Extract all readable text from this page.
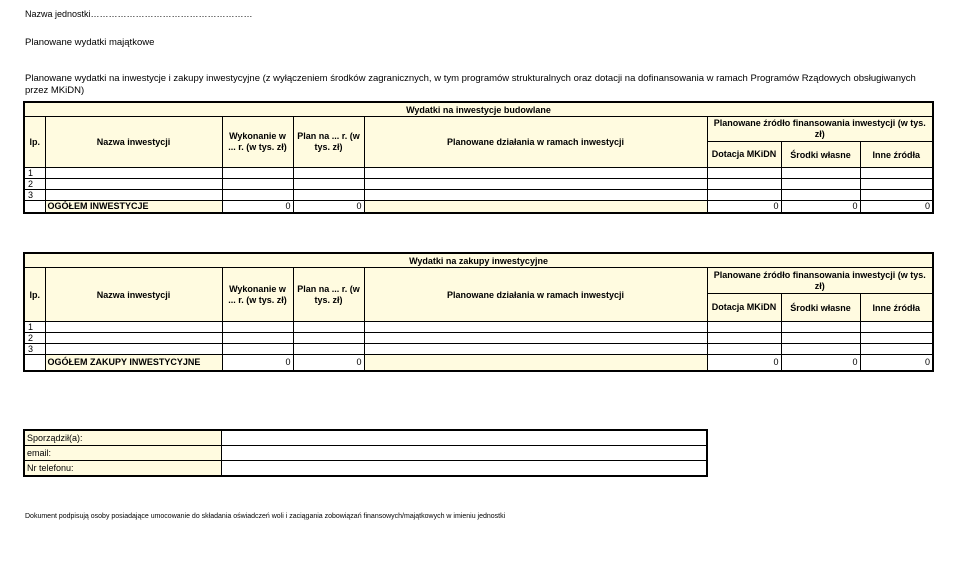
Nazwa jednostki………………………………………………
Planowane wydatki majątkowe
Planowane wydatki na inwestycje i zakupy inwestycyjne (z wyłączeniem środków zagranicznych, w tym programów strukturalnych oraz dotacji na dofinansowania w ramach Programów Rządowych obsługiwanych przez MKiDN)
Wydatki na inwestycje budowlane							
lp.	Nazwa inwestycji	Wykonanie w ... r. (w tys. zł)	Plan na ... r. (w tys. zł)	Planowane działania w ramach inwestycji	Planowane źródło finansowania inwestycji (w tys. zł)		
					Dotacja MKiDN	Środki własne	Inne źródła
1							
2							
3							
	OGÓŁEM INWESTYCJE	0	0		0	0	0
Wydatki na zakupy inwestycyjne							
lp.	Nazwa inwestycji	Wykonanie w ... r. (w tys. zł)	Plan na ... r. (w tys. zł)	Planowane działania w ramach inwestycji	Planowane źródło finansowania inwestycji (w tys. zł)		
					Dotacja MKiDN	Środki własne	Inne źródła
1							
2							
3							
	OGÓŁEM ZAKUPY INWESTYCYJNE	0	0		0	0	0
Sporządził(a):	
email:	
Nr telefonu:	
Dokument podpisują osoby posiadające umocowanie do składania oświadczeń woli i zaciągania zobowiązań finansowych/majątkowych w imieniu jednostki
